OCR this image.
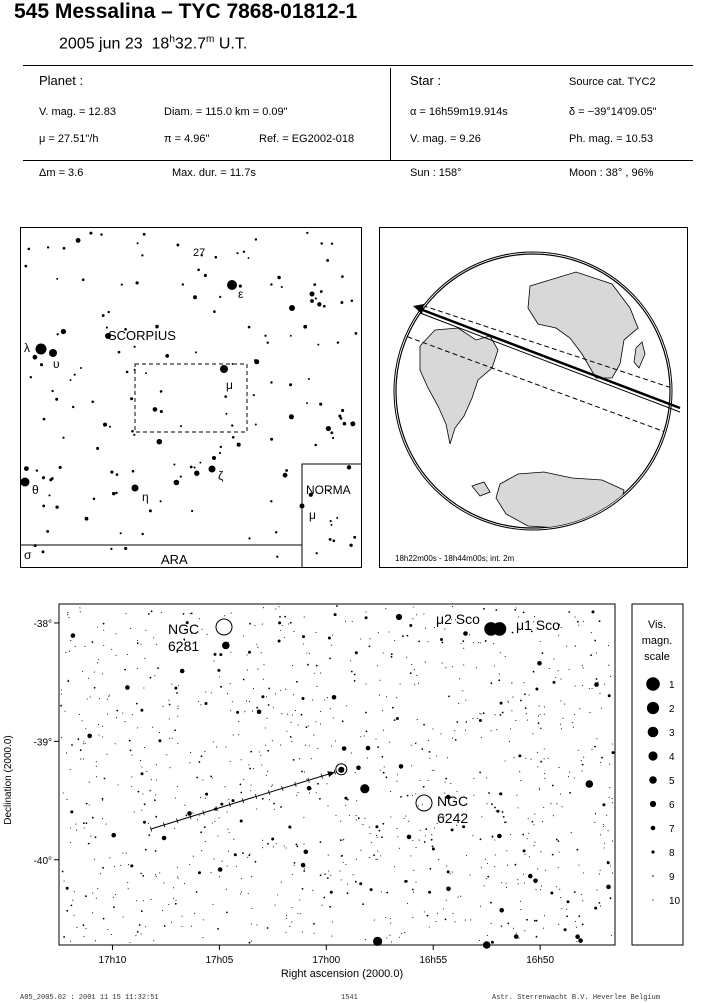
545 Messalina – TYC 7868-01812-1
2005 jun 23 18$^h$32.7$^m$ U.T.
Planet :
V. mag. = 12.83	Diam. = 115.0 km = 0.09"
μ = 27.51"/h	π = 4.96"	Ref. = EG2002-018
Δm = 3.6	Max. dur. = 11.7s
Star :	Source cat. TYC2
α = 16h59m19.914s	δ = −39°14'09.05"
V. mag. = 9.26	Ph. mag. = 10.53
Sun : 158°	Moon : 38° , 96%
27
ε
SCORPIUS
λ
υ
μ
ζ
θ	η	NORMA
μ
σ	ARA	18h22m00s - 18h44m00s; int. 2m
NGC
6281
NGC
6242
μ2 Sco	μ1 Sco
17h10	17h05	17h00	16h55	16h50
-38°
-39°
-40°
Right ascension (2000.0)
Declination (2000.0)
Vis.
magn.
scale
1
2
3
4
5
6
7
8
9
10
A05_2005.02 : 2001 11 15 11:32:51	1541	Astr. Sterrenwacht B.V. Heverlee Belgium
